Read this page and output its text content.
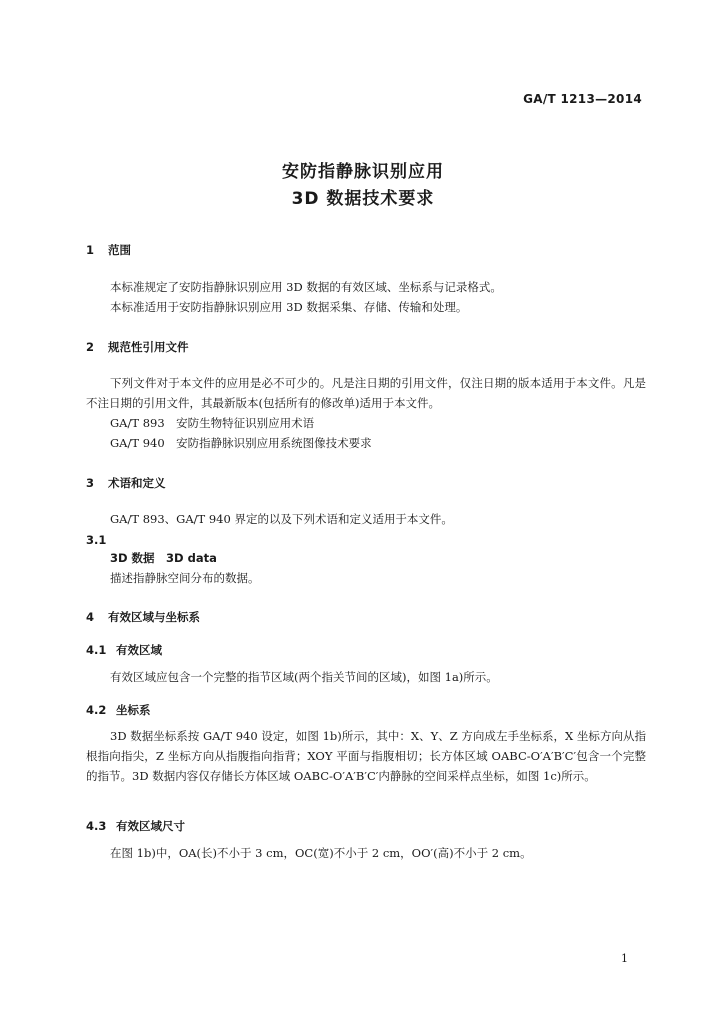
GA/T 1213—2014
安防指静脉识别应用
3D 数据技术要求
1 范围
本标准规定了安防指静脉识别应用 3D 数据的有效区域、坐标系与记录格式。
本标准适用于安防指静脉识别应用 3D 数据采集、存储、传输和处理。
2 规范性引用文件
下列文件对于本文件的应用是必不可少的。凡是注日期的引用文件，仅注日期的版本适用于本文件。凡是不注日期的引用文件，其最新版本(包括所有的修改单)适用于本文件。
GA/T 893　安防生物特征识别应用术语
GA/T 940　安防指静脉识别应用系统图像技术要求
3 术语和定义
GA/T 893、GA/T 940 界定的以及下列术语和定义适用于本文件。
3.1
3D 数据　3D data
描述指静脉空间分布的数据。
4 有效区域与坐标系
4.1 有效区域
有效区域应包含一个完整的指节区域(两个指关节间的区域)，如图 1a)所示。
4.2 坐标系
3D 数据坐标系按 GA/T 940 设定，如图 1b)所示，其中：X、Y、Z 方向成左手坐标系，X 坐标方向从指根指向指尖，Z 坐标方向从指腹指向指背；XOY 平面与指腹相切；长方体区域 OABC-O′A′B′C′包含一个完整的指节。3D 数据内容仅存储长方体区域 OABC-O′A′B′C′内静脉的空间采样点坐标，如图 1c)所示。
4.3 有效区域尺寸
在图 1b)中，OA(长)不小于 3 cm，OC(宽)不小于 2 cm，OO′(高)不小于 2 cm。
1
